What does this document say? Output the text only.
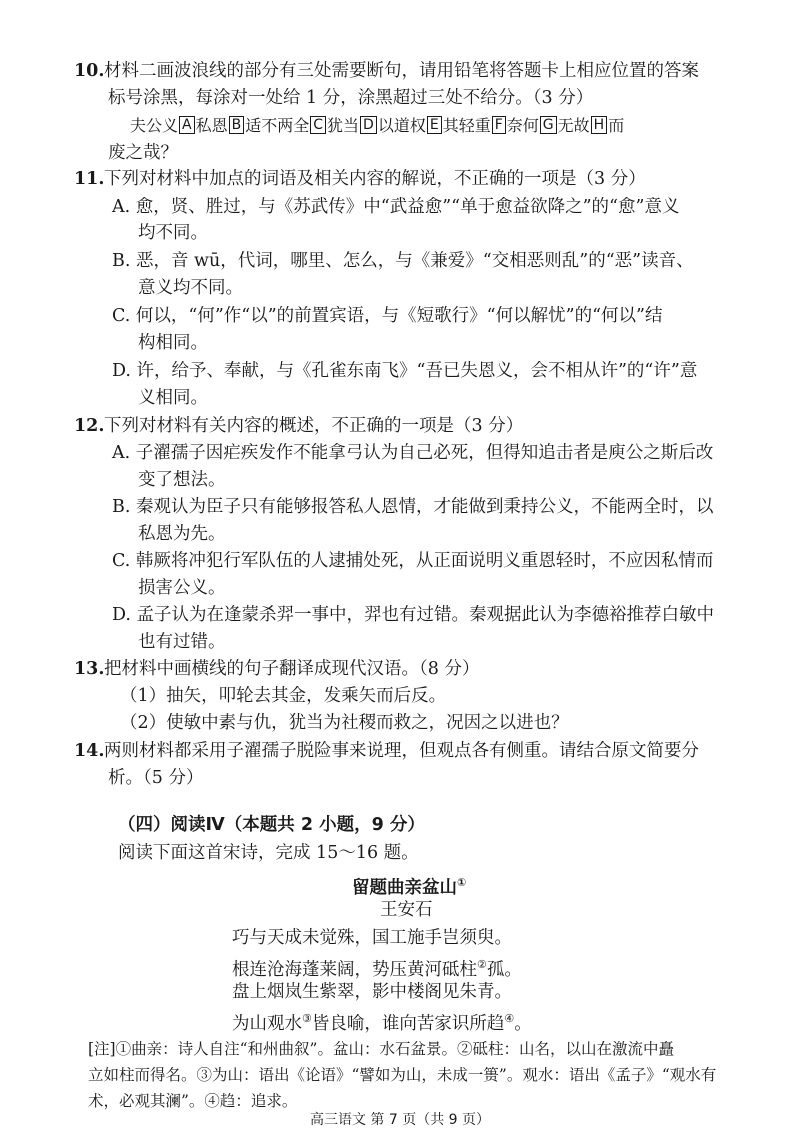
10. 材料二画波浪线的部分有三处需要断句，请用铅笔将答题卡上相应位置的答案
标号涂黑，每涂对一处给 1 分，涂黑超过三处不给分。（3 分）
夫公义 A 私恩 B 适不两全 C 犹当 D 以道权 E 其轻重 F 奈何 G 无故 H 而
废之哉？
11. 下列对材料中加点的词语及相关内容的解说，不正确的一项是（3 分）
A. 愈，贤、胜过，与《苏武传》中“武益愈”“单于愈益欲降之”的“愈”意义
均不同。
B. 恶，音 wū，代词，哪里、怎么，与《兼爱》“交相恶则乱”的“恶”读音、
意义均不同。
C. 何以，“何”作“以”的前置宾语，与《短歌行》“何以解忧”的“何以”结
构相同。
D. 许，给予、奉献，与《孔雀东南飞》“吾已失恩义，会不相从许”的“许”意
义相同。
12. 下列对材料有关内容的概述，不正确的一项是（3 分）
A. 子濯孺子因疟疾发作不能拿弓认为自己必死，但得知追击者是庾公之斯后改
变了想法。
B. 秦观认为臣子只有能够报答私人恩情，才能做到秉持公义，不能两全时，以
私恩为先。
C. 韩厥将冲犯行军队伍的人逮捕处死，从正面说明义重恩轻时，不应因私情而
损害公义。
D. 孟子认为在逢蒙杀羿一事中，羿也有过错。秦观据此认为李德裕推荐白敏中
也有过错。
13. 把材料中画横线的句子翻译成现代汉语。（8 分）
（1）抽矢，叩轮去其金，发乘矢而后反。
（2）使敏中素与仇，犹当为社稷而救之，况因之以进也？
14. 两则材料都采用子濯孺子脱险事来说理，但观点各有侧重。请结合原文简要分
析。（5 分）
（四）阅读Ⅳ（本题共 2 小题，9 分）
阅读下面这首宋诗，完成 15～16 题。
留题曲亲盆山①
王安石
巧与天成未觉殊，国工施手岂须臾。
根连沧海蓬莱阔，势压黄河砥柱②孤。
盘上烟岚生紫翠，影中楼阁见朱青。
为山观水③皆良喻，谁向苦家识所趋④。
[注]①曲亲：诗人自注“和州曲叙”。盆山：水石盆景。②砥柱：山名，以山在激流中矗
立如柱而得名。③为山：语出《论语》“譬如为山，未成一篑”。观水：语出《孟子》“观水有
术，必观其澜”。④趋：追求。
高三语文 第 7 页（共 9 页）
